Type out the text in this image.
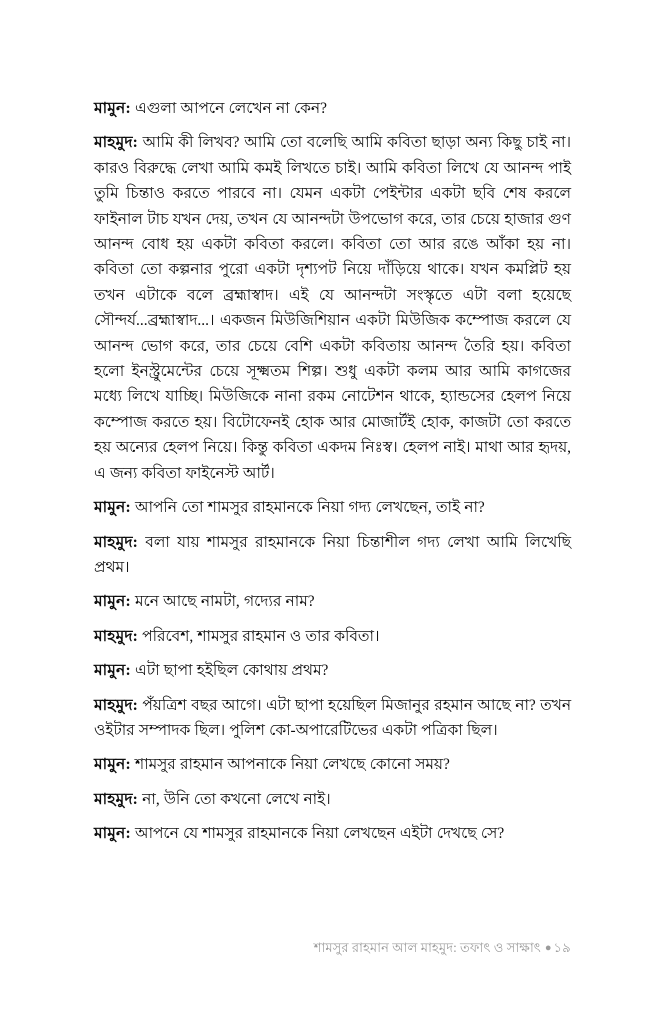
মামুন: এগুলা আপনে লেখেন না কেন?

মাহমুদ: আমি কী লিখব? আমি তো বলেছি আমি কবিতা ছাড়া অন্য কিছু চাই না। কারও বিরুদ্ধে লেখা আমি কমই লিখতে চাই। আমি কবিতা লিখে যে আনন্দ পাই তুমি চিন্তাও করতে পারবে না। যেমন একটা পেইন্টার একটা ছবি শেষ করলে ফাইনাল টাচ যখন দেয়, তখন যে আনন্দটা উপভোগ করে, তার চেয়ে হাজার গুণ আনন্দ বোধ হয় একটা কবিতা করলে। কবিতা তো আর রঙে আঁকা হয় না। কবিতা তো কল্পনার পুরো একটা দৃশ্যপট নিয়ে দাঁড়িয়ে থাকে। যখন কমপ্লিট হয় তখন এটাকে বলে ব্রহ্মাস্বাদ। এই যে আনন্দটা সংস্কৃতে এটা বলা হয়েছে সৌন্দর্য...ব্রহ্মাস্বাদ...। একজন মিউজিশিয়ান একটা মিউজিক কম্পোজ করলে যে আনন্দ ভোগ করে, তার চেয়ে বেশি একটা কবিতায় আনন্দ তৈরি হয়। কবিতা হলো ইনস্ট্রুমেন্টের চেয়ে সূক্ষ্মতম শিল্প। শুধু একটা কলম আর আমি কাগজের মধ্যে লিখে যাচ্ছি। মিউজিকে নানা রকম নোটেশন থাকে, হ্যান্ডসের হেলপ নিয়ে কম্পোজ করতে হয়। বিটোফেনই হোক আর মোজার্টই হোক, কাজটা তো করতে হয় অন্যের হেলপ নিয়ে। কিন্তু কবিতা একদম নিঃস্ব। হেলপ নাই। মাথা আর হৃদয়, এ জন্য কবিতা ফাইনেস্ট আর্ট।

মামুন: আপনি তো শামসুর রাহমানকে নিয়া গদ্য লেখছেন, তাই না?

মাহমুদ: বলা যায় শামসুর রাহমানকে নিয়া চিন্তাশীল গদ্য লেখা আমি লিখেছি প্রথম।

মামুন: মনে আছে নামটা, গদ্যের নাম?

মাহমুদ: পরিবেশ, শামসুর রাহমান ও তার কবিতা।

মামুন: এটা ছাপা হইছিল কোথায় প্রথম?

মাহমুদ: পঁয়ত্রিশ বছর আগে। এটা ছাপা হয়েছিল মিজানুর রহমান আছে না? তখন ওইটার সম্পাদক ছিল। পুলিশ কো-অপারেটিভের একটা পত্রিকা ছিল।

মামুন: শামসুর রাহমান আপনাকে নিয়া লেখছে কোনো সময়?

মাহমুদ: না, উনি তো কখনো লেখে নাই।

মামুন: আপনে যে শামসুর রাহমানকে নিয়া লেখছেন এইটা দেখছে সে?

শামসুর রাহমান আল মাহমুদ: তফাৎ ও সাক্ষাৎ ● ১৯
